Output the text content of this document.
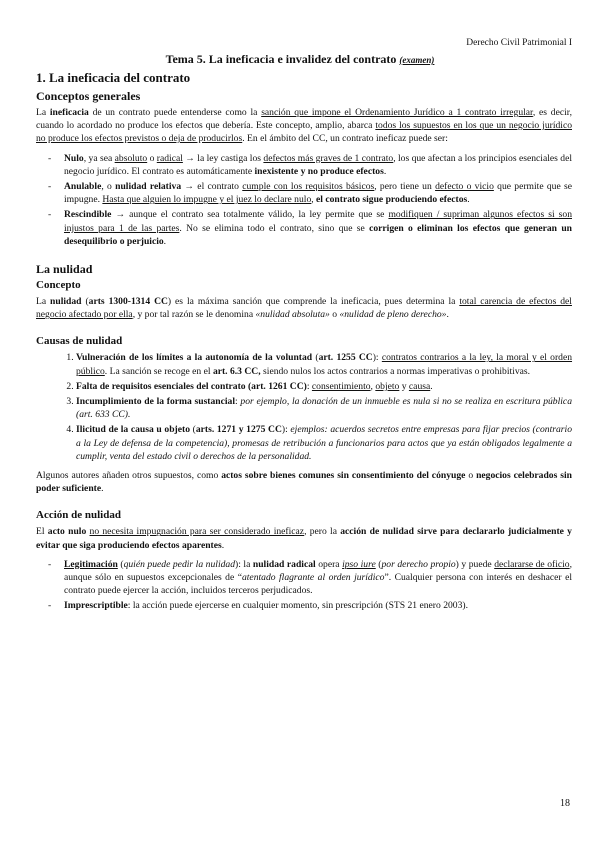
Derecho Civil Patrimonial I
Tema 5. La ineficacia e invalidez del contrato (examen)
1. La ineficacia del contrato
Conceptos generales

La ineficacia de un contrato puede entenderse como la sanción que impone el Ordenamiento Jurídico a 1 contrato irregular, es decir, cuando lo acordado no produce los efectos que debería. Este concepto, amplio, abarca todos los supuestos en los que un negocio jurídico no produce los efectos previstos o deja de producirlos. En el ámbito del CC, un contrato ineficaz puede ser:

- Nulo, ya sea absoluto o radical → la ley castiga los defectos más graves de 1 contrato, los que afectan a los principios esenciales del negocio jurídico. El contrato es automáticamente inexistente y no produce efectos.
- Anulable, o nulidad relativa → el contrato cumple con los requisitos básicos, pero tiene un defecto o vicio que permite que se impugne. Hasta que alguien lo impugne y el juez lo declare nulo, el contrato sigue produciendo efectos.
- Rescindible → aunque el contrato sea totalmente válido, la ley permite que se modifiquen / supriman algunos efectos si son injustos para 1 de las partes. No se elimina todo el contrato, sino que se corrigen o eliminan los efectos que generan un desequilibrio o perjuicio.
La nulidad
Concepto

La nulidad (arts 1300-1314 CC) es la máxima sanción que comprende la ineficacia, pues determina la total carencia de efectos del negocio afectado por ella, y por tal razón se le denomina «nulidad absoluta» o «nulidad de pleno derecho».

Causas de nulidad
1. Vulneración de los límites a la autonomía de la voluntad (art. 1255 CC): contratos contrarios a la ley, la moral y el orden público. La sanción se recoge en el art. 6.3 CC, siendo nulos los actos contrarios a normas imperativas o prohibitivas.
2. Falta de requisitos esenciales del contrato (art. 1261 CC): consentimiento, objeto y causa.
3. Incumplimiento de la forma sustancial: por ejemplo, la donación de un inmueble es nula si no se realiza en escritura pública (art. 633 CC).
4. Ilicitud de la causa u objeto (arts. 1271 y 1275 CC): ejemplos: acuerdos secretos entre empresas para fijar precios (contrario a la Ley de defensa de la competencia), promesas de retribución a funcionarios para actos que ya están obligados legalmente a cumplir, venta del estado civil o derechos de la personalidad.

Algunos autores añaden otros supuestos, como actos sobre bienes comunes sin consentimiento del cónyuge o negocios celebrados sin poder suficiente.

Acción de nulidad

El acto nulo no necesita impugnación para ser considerado ineficaz, pero la acción de nulidad sirve para declararlo judicialmente y evitar que siga produciendo efectos aparentes.

- Legitimación (quién puede pedir la nulidad): la nulidad radical opera ipso iure (por derecho propio) y puede declararse de oficio, aunque sólo en supuestos excepcionales de “atentado flagrante al orden jurídico”. Cualquier persona con interés en deshacer el contrato puede ejercer la acción, incluidos terceros perjudicados.
- Imprescriptible: la acción puede ejercerse en cualquier momento, sin prescripción (STS 21 enero 2003).
18
